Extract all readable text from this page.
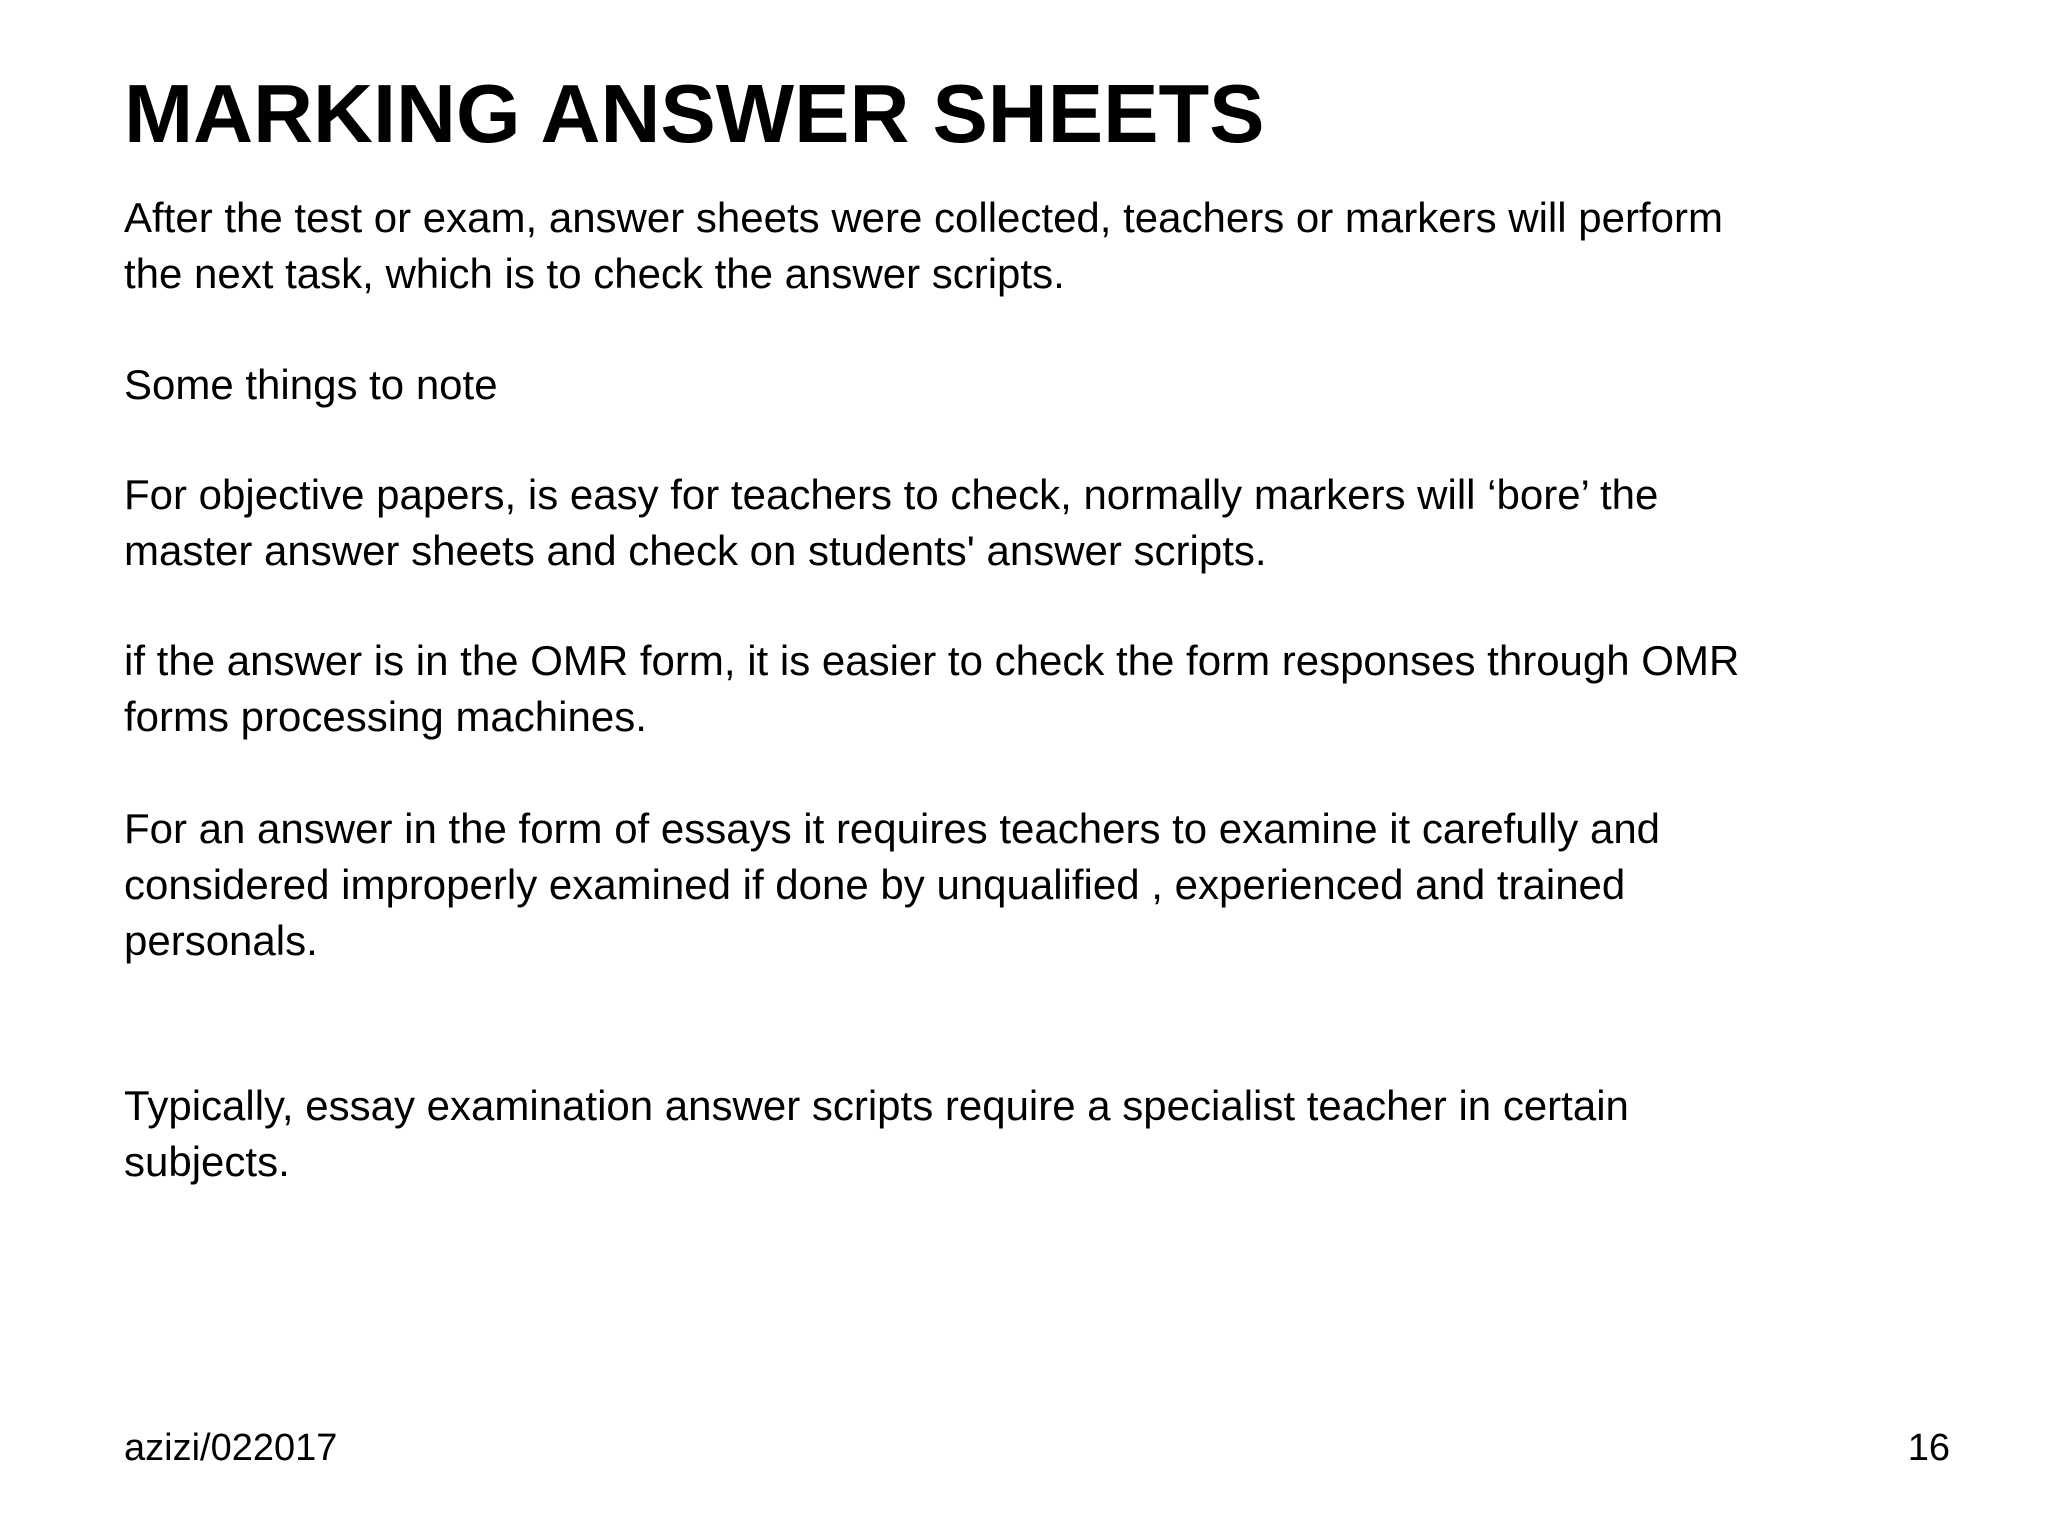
MARKING ANSWER SHEETS

After the test or exam, answer sheets were collected, teachers or markers will perform
the next task, which is to check the answer scripts.

Some things to note

For objective papers, is easy for teachers to check, normally markers will ‘bore’ the
master answer sheets and check on students' answer scripts.

if the answer is in the OMR form, it is easier to check the form responses through OMR
forms processing machines.

For an answer in the form of essays it requires teachers to examine it carefully and
considered improperly examined if done by unqualified , experienced and trained
personals.

Typically, essay examination answer scripts require a specialist teacher in certain
subjects.

azizi/022017	16
